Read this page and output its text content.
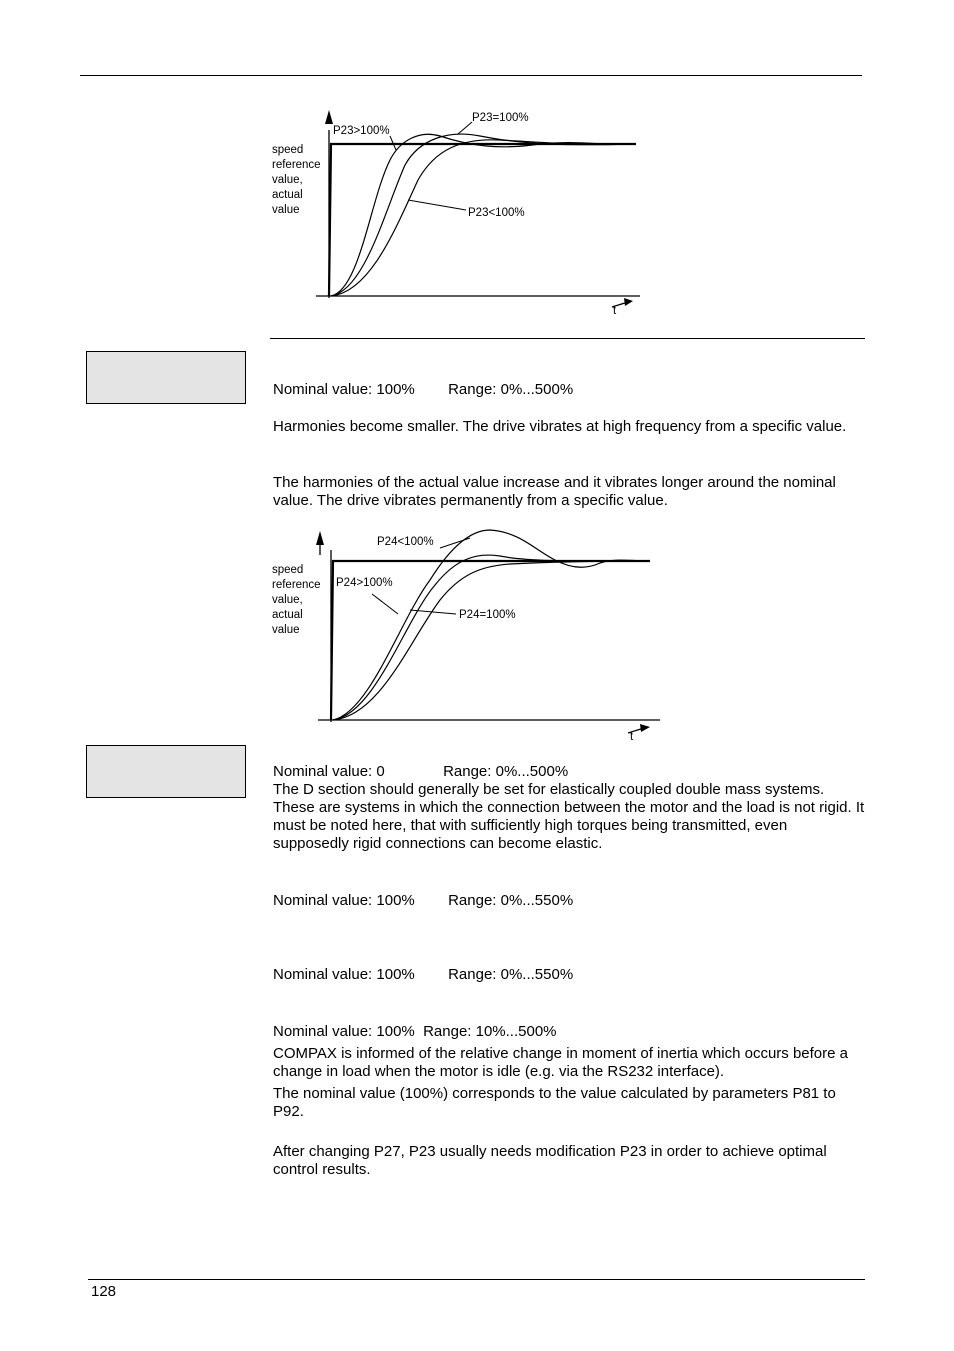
speed
reference
value,
actual
value
P23>100%
P23=100%
P23<100%
t
Nominal value: 100%        Range: 0%...500%
Harmonies become smaller. The drive vibrates at high frequency from a specific value.
The harmonies of the actual value increase and it vibrates longer around the nominal value. The drive vibrates permanently from a specific value.
speed
reference
value,
actual
value
P24<100%
P24>100%
P24=100%
t
Nominal value: 0              Range: 0%...500%
The D section should generally be set for elastically coupled double mass systems. These are systems in which the connection between the motor and the load is not rigid. It must be noted here, that with sufficiently high torques being transmitted, even supposedly rigid connections can become elastic.
Nominal value: 100%        Range: 0%...550%
Nominal value: 100%        Range: 0%...550%
Nominal value: 100%  Range: 10%...500%
COMPAX is informed of the relative change in moment of inertia which occurs before a change in load when the motor is idle (e.g. via the RS232 interface).
The nominal value (100%) corresponds to the value calculated by parameters P81 to P92.
After changing P27, P23 usually needs modification P23 in order to achieve optimal control results.
128
